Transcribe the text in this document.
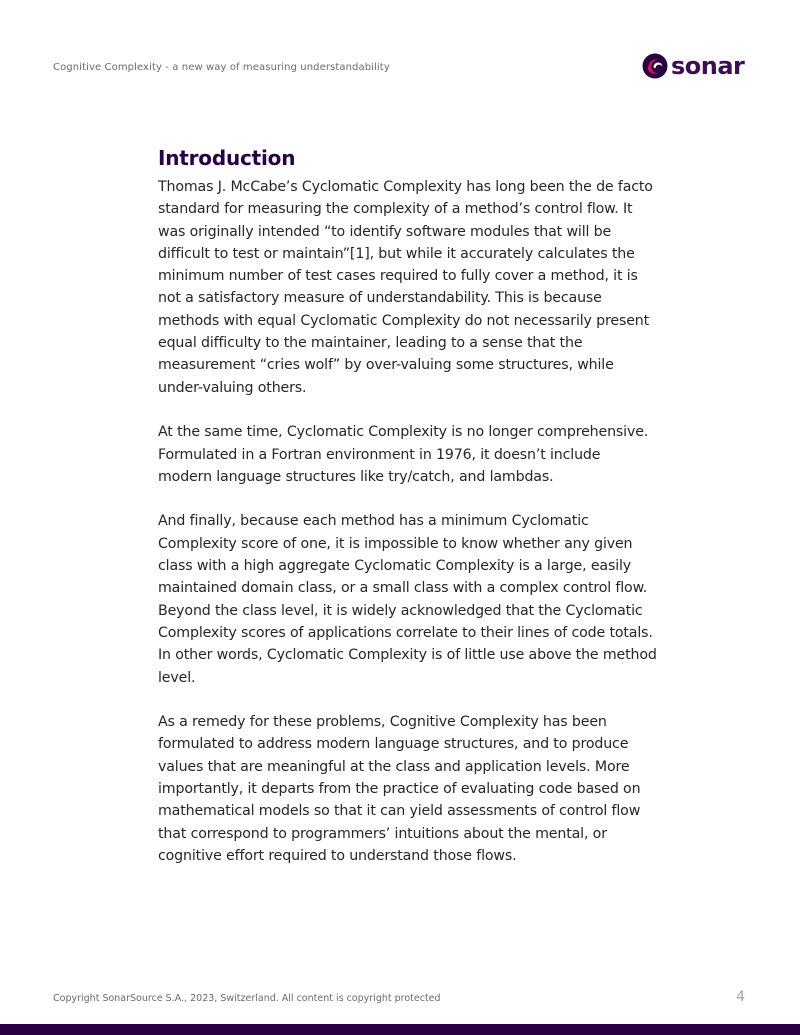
Cognitive Complexity - a new way of measuring understandability	sonar
Introduction

Thomas J. McCabe’s Cyclomatic Complexity has long been the de facto standard for measuring the complexity of a method’s control flow. It was originally intended “to identify software modules that will be difficult to test or maintain”[1], but while it accurately calculates the minimum number of test cases required to fully cover a method, it is not a satisfactory measure of understandability. This is because methods with equal Cyclomatic Complexity do not necessarily present equal difficulty to the maintainer, leading to a sense that the measurement “cries wolf” by over-valuing some structures, while under-valuing others.

At the same time, Cyclomatic Complexity is no longer comprehensive. Formulated in a Fortran environment in 1976, it doesn’t include modern language structures like try/catch, and lambdas.

And finally, because each method has a minimum Cyclomatic Complexity score of one, it is impossible to know whether any given class with a high aggregate Cyclomatic Complexity is a large, easily maintained domain class, or a small class with a complex control flow. Beyond the class level, it is widely acknowledged that the Cyclomatic Complexity scores of applications correlate to their lines of code totals. In other words, Cyclomatic Complexity is of little use above the method level.

As a remedy for these problems, Cognitive Complexity has been formulated to address modern language structures, and to produce values that are meaningful at the class and application levels. More importantly, it departs from the practice of evaluating code based on mathematical models so that it can yield assessments of control flow that correspond to programmers’ intuitions about the mental, or cognitive effort required to understand those flows.

Copyright SonarSource S.A., 2023, Switzerland. All content is copyright protected	4
